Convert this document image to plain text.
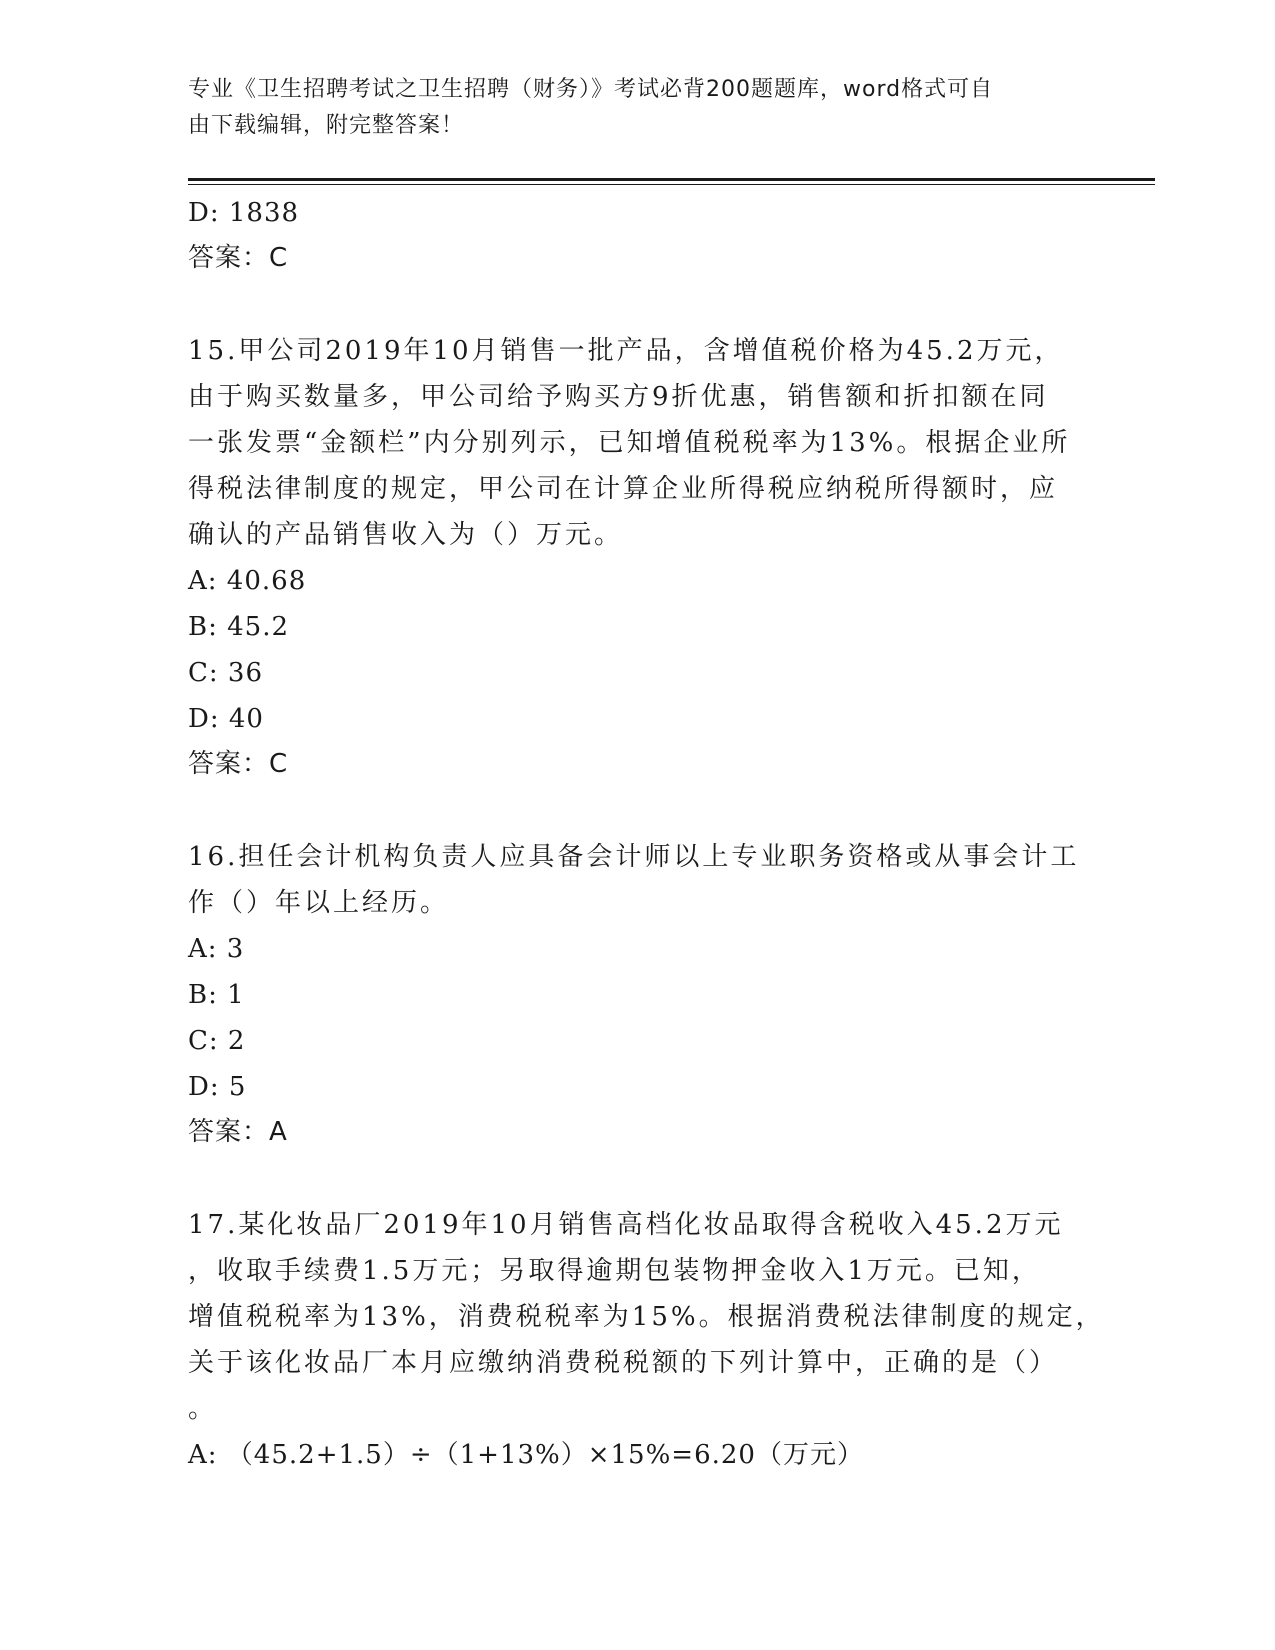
专业《卫生招聘考试之卫生招聘（财务）》考试必背200题题库，word格式可自
由下载编辑，附完整答案！
D: 1838
答案：C
15.甲公司2019年10月销售一批产品，含增值税价格为45.2万元，
由于购买数量多，甲公司给予购买方9折优惠，销售额和折扣额在同
一张发票“金额栏”内分别列示，已知增值税税率为13%。根据企业所
得税法律制度的规定，甲公司在计算企业所得税应纳税所得额时，应
确认的产品销售收入为（）万元。
A: 40.68
B: 45.2
C: 36
D: 40
答案：C
16.担任会计机构负责人应具备会计师以上专业职务资格或从事会计工
作（）年以上经历。
A: 3
B: 1
C: 2
D: 5
答案：A
17.某化妆品厂2019年10月销售高档化妆品取得含税收入45.2万元
，收取手续费1.5万元；另取得逾期包装物押金收入1万元。已知，
增值税税率为13%，消费税税率为15%。根据消费税法律制度的规定，
关于该化妆品厂本月应缴纳消费税税额的下列计算中，正确的是（）
。
A: （45.2+1.5）÷（1+13%）×15%=6.20（万元）
